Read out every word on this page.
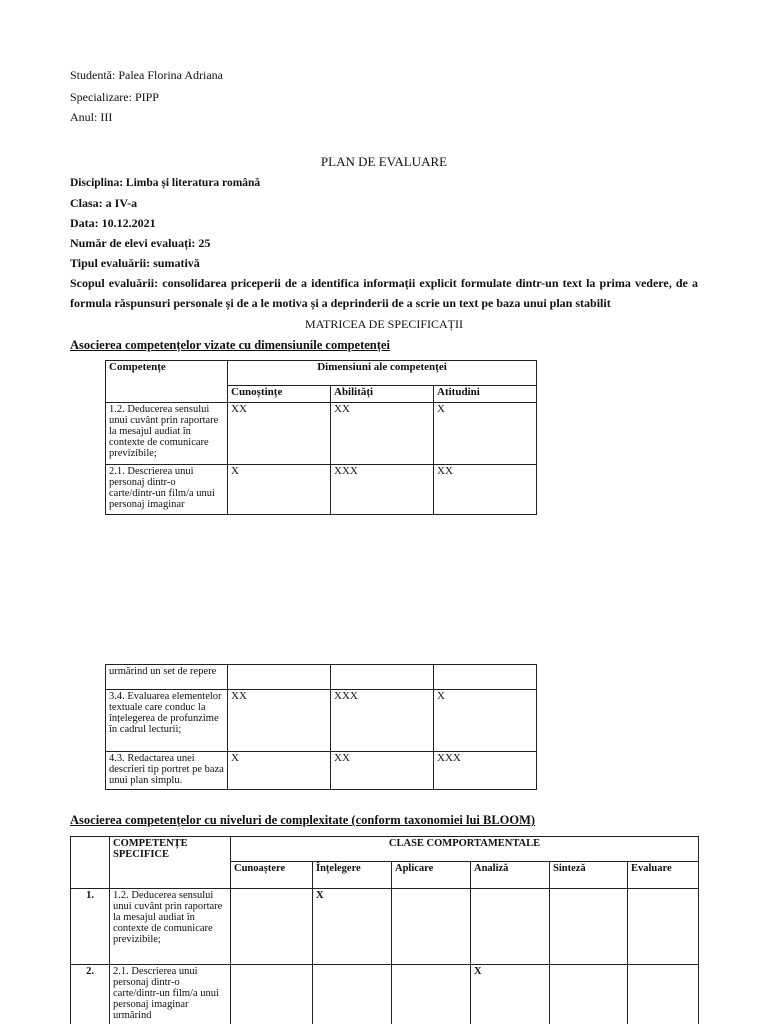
Studentă: Palea Florina Adriana
Specializare: PIPP
Anul: III
PLAN DE EVALUARE
Disciplina: Limba și literatura română
Clasa: a IV-a
Data: 10.12.2021
Număr de elevi evaluați: 25
Tipul evaluării: sumativă
Scopul evaluării: consolidarea priceperii de a identifica informații explicit formulate dintr-un text la prima vedere, de a formula răspunsuri personale și de a le motiva și a deprinderii de a scrie un text pe baza unui plan stabilit
MATRICEA DE SPECIFICAȚII
Asocierea competențelor vizate cu dimensiunile competenței
Competențe	Dimensiuni ale competenței		
	Cunoștințe	Abilități	Atitudini
1.2. Deducerea sensului unui cuvânt prin raportare la mesajul audiat în contexte de comunicare previzibile;	XX	XX	X
2.1. Descrierea unui personaj dintr-o carte/dintr-un film/a unui personaj imaginar	X	XXX	XX
urmărind un set de repere			
3.4. Evaluarea elementelor textuale care conduc la înțelegerea de profunzime în cadrul lecturii;	XX	XXX	X
4.3. Redactarea unei descrieri tip portret pe baza unui plan simplu.	X	XX	XXX
Asocierea competențelor cu niveluri de complexitate (conform taxonomiei lui BLOOM)
	COMPETENȚE SPECIFICE	CLASE COMPORTAMENTALE					
		Cunoaștere	Înțelegere	Aplicare	Analiză	Sinteză	Evaluare
1.	1.2. Deducerea sensului unui cuvânt prin raportare la mesajul audiat în contexte de comunicare previzibile;		X				
2.	2.1. Descrierea unui personaj dintr-o carte/dintr-un film/a unui personaj imaginar urmărind				X		
